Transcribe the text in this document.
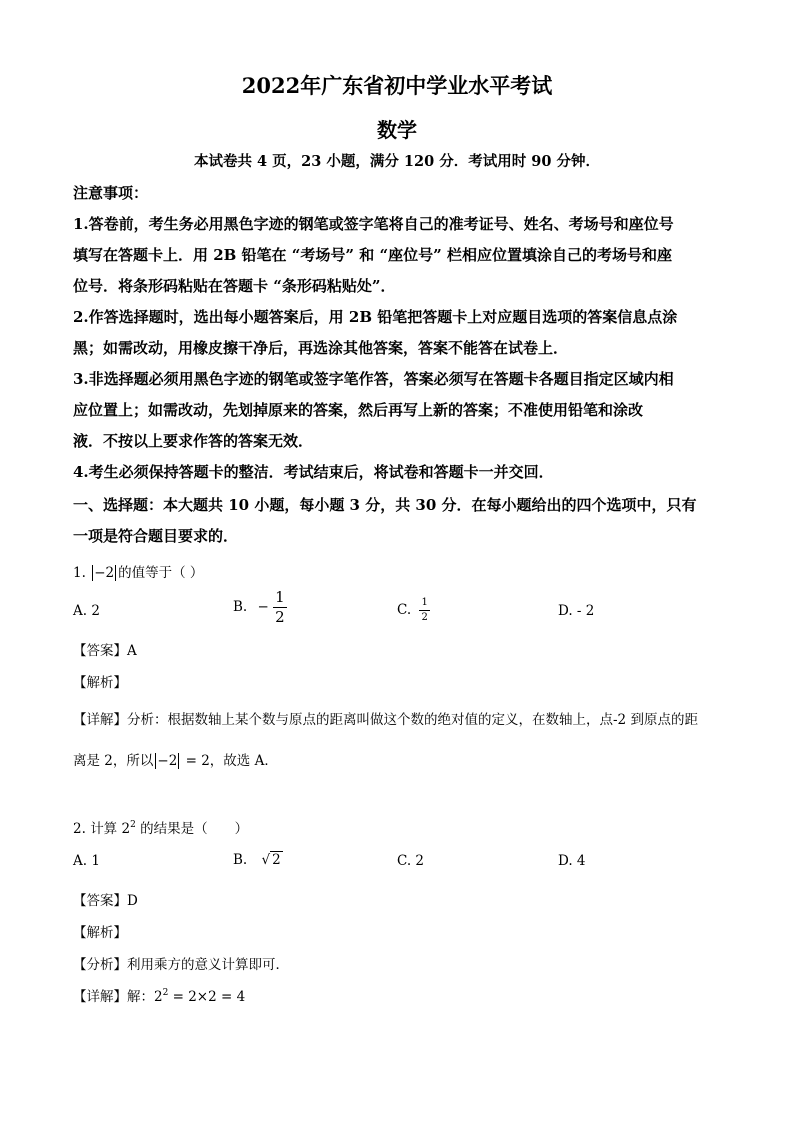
2022年广东省初中学业水平考试
数学
本试卷共 4 页，23 小题，满分 120 分．考试用时 90 分钟．
注意事项：
1.答卷前，考生务必用黑色字迹的钢笔或签字笔将自己的准考证号、姓名、考场号和座位号
填写在答题卡上．用 2B 铅笔在 “考场号” 和 “座位号” 栏相应位置填涂自己的考场号和座
位号．将条形码粘贴在答题卡 “条形码粘贴处”．
2.作答选择题时，选出每小题答案后，用 2B 铅笔把答题卡上对应题目选项的答案信息点涂
黑；如需改动，用橡皮擦干净后，再选涂其他答案，答案不能答在试卷上．
3.非选择题必须用黑色字迹的钢笔或签字笔作答，答案必须写在答题卡各题目指定区域内相
应位置上；如需改动，先划掉原来的答案，然后再写上新的答案；不准使用铅笔和涂改
液．不按以上要求作答的答案无效．
4.考生必须保持答题卡的整洁．考试结束后，将试卷和答题卡一并交回．
一、选择题：本大题共 10 小题，每小题 3 分，共 30 分．在每小题给出的四个选项中，只有
一项是符合题目要求的．
1. −2 的值等于（ ）
A. 2	B. − $\frac{1}{2}$	C. $\frac{1}{2}$	D. - 2
【答案】A
【解析】
【详解】分析：根据数轴上某个数与原点的距离叫做这个数的绝对值的定义，在数轴上，点-2 到原点的距
离是 2，所以 −2 = 2，故选 A．
2. 计算 $2^2$ 的结果是（　　）
A. 1	B. √ 2	C. 2	D. 4
【答案】D
【解析】
【分析】利用乘方的意义计算即可．
【详解】解：$2^2 = 2\times 2 = 4$
